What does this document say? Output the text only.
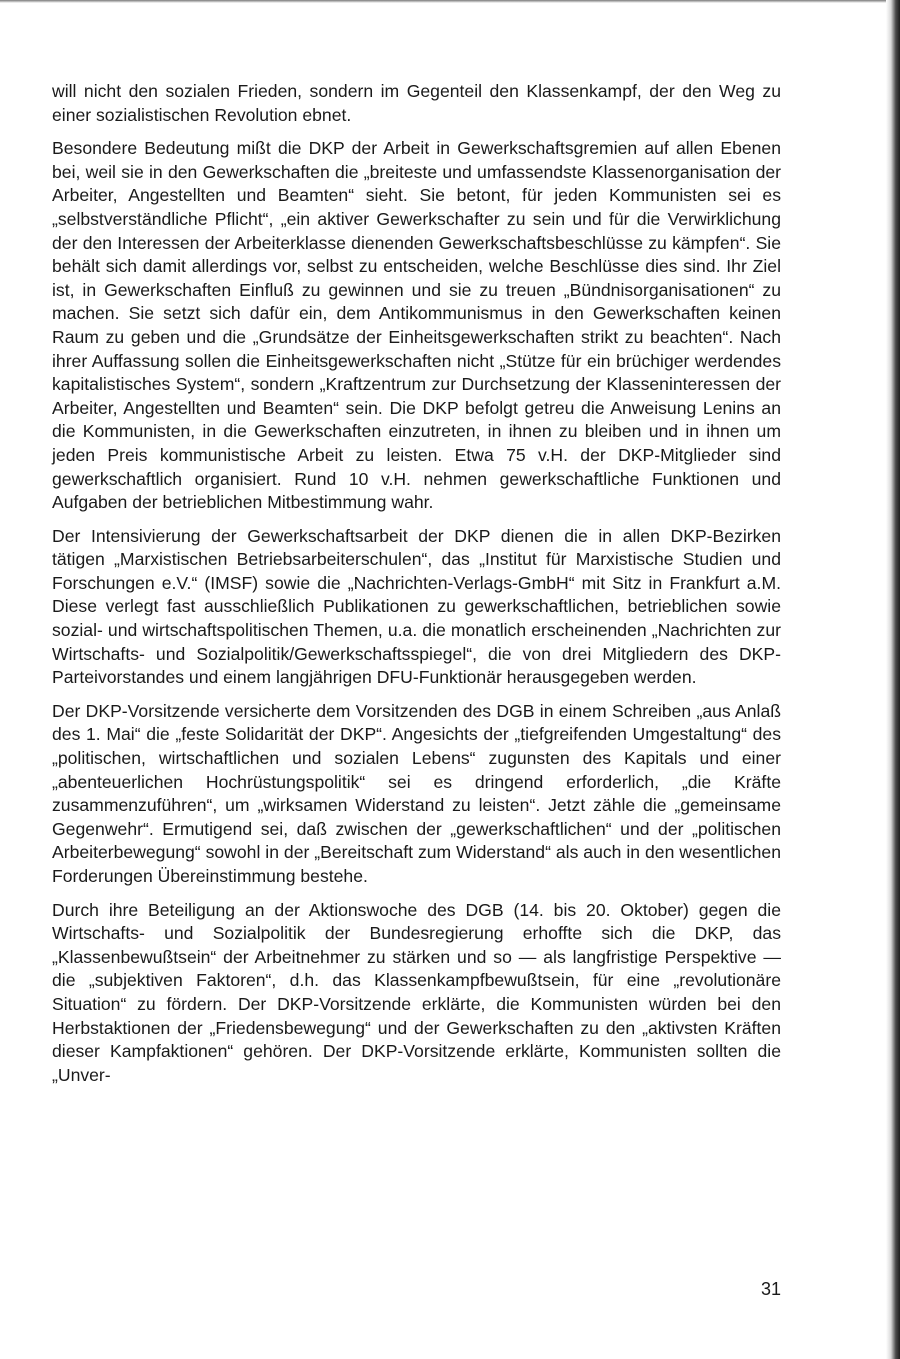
will nicht den sozialen Frieden, sondern im Gegenteil den Klassenkampf, der den Weg zu einer sozialistischen Revolution ebnet.

Besondere Bedeutung mißt die DKP der Arbeit in Gewerkschaftsgremien auf allen Ebenen bei, weil sie in den Gewerkschaften die „breiteste und umfassendste Klassenorganisation der Arbeiter, Angestellten und Beamten“ sieht. Sie betont, für jeden Kommunisten sei es „selbstverständliche Pflicht“, „ein aktiver Gewerkschafter zu sein und für die Verwirklichung der den Interessen der Arbeiterklasse dienenden Gewerkschaftsbeschlüsse zu kämpfen“. Sie behält sich damit allerdings vor, selbst zu entscheiden, welche Beschlüsse dies sind. Ihr Ziel ist, in Gewerkschaften Einfluß zu gewinnen und sie zu treuen „Bündnisorganisationen“ zu machen. Sie setzt sich dafür ein, dem Antikommunismus in den Gewerkschaften keinen Raum zu geben und die „Grundsätze der Einheitsgewerkschaften strikt zu beachten“. Nach ihrer Auffassung sollen die Einheitsgewerkschaften nicht „Stütze für ein brüchiger werdendes kapitalistisches System“, sondern „Kraftzentrum zur Durchsetzung der Klasseninteressen der Arbeiter, Angestellten und Beamten“ sein. Die DKP befolgt getreu die Anweisung Lenins an die Kommunisten, in die Gewerkschaften einzutreten, in ihnen zu bleiben und in ihnen um jeden Preis kommunistische Arbeit zu leisten. Etwa 75 v.H. der DKP-Mitglieder sind gewerkschaftlich organisiert. Rund 10 v.H. nehmen gewerkschaftliche Funktionen und Aufgaben der betrieblichen Mitbestimmung wahr.

Der Intensivierung der Gewerkschaftsarbeit der DKP dienen die in allen DKP-Bezirken tätigen „Marxistischen Betriebsarbeiterschulen“, das „Institut für Marxistische Studien und Forschungen e.V.“ (IMSF) sowie die „Nachrichten-Verlags-GmbH“ mit Sitz in Frankfurt a.M. Diese verlegt fast ausschließlich Publikationen zu gewerkschaftlichen, betrieblichen sowie sozial- und wirtschaftspolitischen Themen, u.a. die monatlich erscheinenden „Nachrichten zur Wirtschafts- und Sozialpolitik/Gewerkschaftsspiegel“, die von drei Mitgliedern des DKP-Parteivorstandes und einem langjährigen DFU-Funktionär herausgegeben werden.

Der DKP-Vorsitzende versicherte dem Vorsitzenden des DGB in einem Schreiben „aus Anlaß des 1. Mai“ die „feste Solidarität der DKP“. Angesichts der „tiefgreifenden Umgestaltung“ des „politischen, wirtschaftlichen und sozialen Lebens“ zugunsten des Kapitals und einer „abenteuerlichen Hochrüstungspolitik“ sei es dringend erforderlich, „die Kräfte zusammenzuführen“, um „wirksamen Widerstand zu leisten“. Jetzt zähle die „gemeinsame Gegenwehr“. Ermutigend sei, daß zwischen der „gewerkschaftlichen“ und der „politischen Arbeiterbewegung“ sowohl in der „Bereitschaft zum Widerstand“ als auch in den wesentlichen Forderungen Übereinstimmung bestehe.

Durch ihre Beteiligung an der Aktionswoche des DGB (14. bis 20. Oktober) gegen die Wirtschafts- und Sozialpolitik der Bundesregierung erhoffte sich die DKP, das „Klassenbewußtsein“ der Arbeitnehmer zu stärken und so — als langfristige Perspektive — die „subjektiven Faktoren“, d.h. das Klassenkampfbewußtsein, für eine „revolutionäre Situation“ zu fördern. Der DKP-Vorsitzende erklärte, die Kommunisten würden bei den Herbstaktionen der „Friedensbewegung“ und der Gewerkschaften zu den „aktivsten Kräften dieser Kampfaktionen“ gehören. Der DKP-Vorsitzende erklärte, Kommunisten sollten die „Unver-

31
